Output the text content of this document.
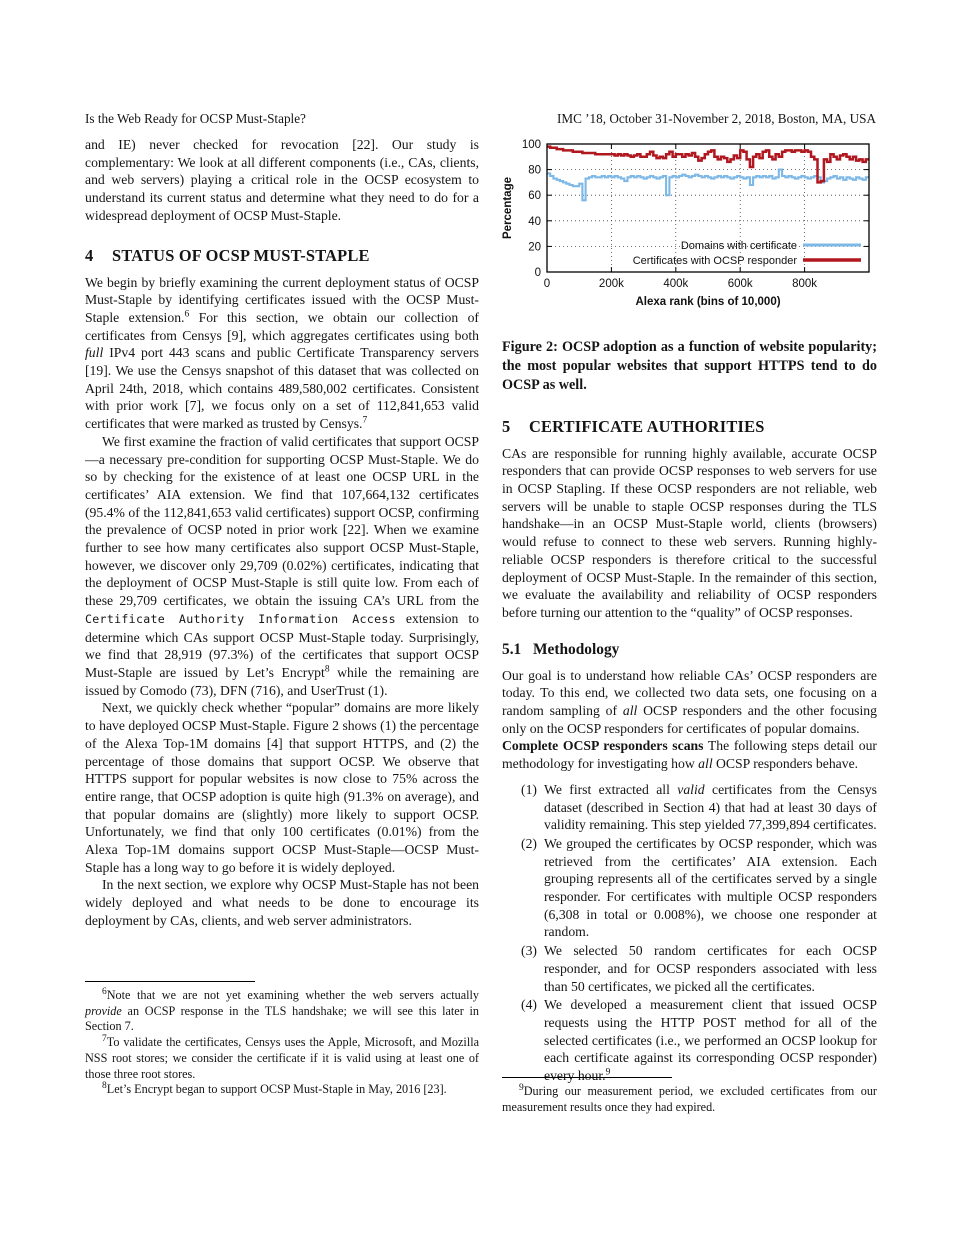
Is the Web Ready for OCSP Must-Staple?	IMC ’18, October 31-November 2, 2018, Boston, MA, USA

and IE) never checked for revocation [22]. Our study is complementary: We look at all different components (i.e., CAs, clients, and web servers) playing a critical role in the OCSP ecosystem to understand its current status and determine what they need to do for a widespread deployment of OCSP Must-Staple.

4	STATUS OF OCSP MUST-STAPLE

We begin by briefly examining the current deployment status of OCSP Must-Staple by identifying certificates issued with the OCSP Must-Staple extension.$^6$ For this section, we obtain our collection of certificates from Censys [9], which aggregates certificates using both full IPv4 port 443 scans and public Certificate Transparency servers [19]. We use the Censys snapshot of this dataset that was collected on April 24th, 2018, which contains 489,580,002 certificates. Consistent with prior work [7], we focus only on a set of 112,841,653 valid certificates that were marked as trusted by Censys.$^7$

We first examine the fraction of valid certificates that support OCSP—a necessary pre-condition for supporting OCSP Must-Staple. We do so by checking for the existence of at least one OCSP URL in the certificates’ AIA extension. We find that 107,664,132 certificates (95.4% of the 112,841,653 valid certificates) support OCSP, confirming the prevalence of OCSP noted in prior work [22]. When we examine further to see how many certificates also support OCSP Must-Staple, however, we discover only 29,709 (0.02%) certificates, indicating that the deployment of OCSP Must-Staple is still quite low. From each of these 29,709 certificates, we obtain the issuing CA’s URL from the Certificate Authority Information Access extension to determine which CAs support OCSP Must-Staple today. Surprisingly, we find that 28,919 (97.3%) of the certificates that support OCSP Must-Staple are issued by Let’s Encrypt$^8$ while the remaining are issued by Comodo (73), DFN (716), and UserTrust (1).

Next, we quickly check whether “popular” domains are more likely to have deployed OCSP Must-Staple. Figure 2 shows (1) the percentage of the Alexa Top-1M domains [4] that support HTTPS, and (2) the percentage of those domains that support OCSP. We observe that HTTPS support for popular websites is now close to 75% across the entire range, that OCSP adoption is quite high (91.3% on average), and that popular domains are (slightly) more likely to support OCSP. Unfortunately, we find that only 100 certificates (0.01%) from the Alexa Top-1M domains support OCSP Must-Staple—OCSP Must-Staple has a long way to go before it is widely deployed.

In the next section, we explore why OCSP Must-Staple has not been widely deployed and what needs to be done to encourage its deployment by CAs, clients, and web server administrators.

$^6$Note that we are not yet examining whether the web servers actually provide an OCSP response in the TLS handshake; we will see this later in Section 7.

$^7$To validate the certificates, Censys uses the Apple, Microsoft, and Mozilla NSS root stores; we consider the certificate if it is valid using at least one of those three root stores.

$^8$Let’s Encrypt began to support OCSP Must-Staple in May, 2016 [23].

0
20
40
60
80
100
0	200k	400k	600k	800k
Alexa rank (bins of 10,000)
Percentage
Domains with certificate
Certificates with OCSP responder
Figure 2: OCSP adoption as a function of website popularity; the most popular websites that support HTTPS tend to do OCSP as well.
5	CERTIFICATE AUTHORITIES

CAs are responsible for running highly available, accurate OCSP responders that can provide OCSP responses to web servers for use in OCSP Stapling. If these OCSP responders are not reliable, web servers will be unable to staple OCSP responses during the TLS handshake—in an OCSP Must-Staple world, clients (browsers) would refuse to connect to these web servers. Running highly-reliable OCSP responders is therefore critical to the successful deployment of OCSP Must-Staple. In the remainder of this section, we evaluate the availability and reliability of OCSP responders before turning our attention to the “quality” of OCSP responses.

5.1 Methodology

Our goal is to understand how reliable CAs’ OCSP responders are today. To this end, we collected two data sets, one focusing on a random sampling of all OCSP responders and the other focusing only on the OCSP responders for certificates of popular domains.

Complete OCSP responders scans The following steps detail our methodology for investigating how all OCSP responders behave.

(1) We first extracted all valid certificates from the Censys dataset (described in Section 4) that had at least 30 days of validity remaining. This step yielded 77,399,894 certificates.
(2) We grouped the certificates by OCSP responder, which was retrieved from the certificates’ AIA extension. Each grouping represents all of the certificates served by a single responder. For certificates with multiple OCSP responders (6,308 in total or 0.008%), we choose one responder at random.
(3) We selected 50 random certificates for each OCSP responder, and for OCSP responders associated with less than 50 certificates, we picked all the certificates.
(4) We developed a measurement client that issued OCSP requests using the HTTP POST method for all of the selected certificates (i.e., we performed an OCSP lookup for each certificate against its corresponding OCSP responder) every hour.$^9$

$^9$During our measurement period, we excluded certificates from our measurement results once they had expired.
